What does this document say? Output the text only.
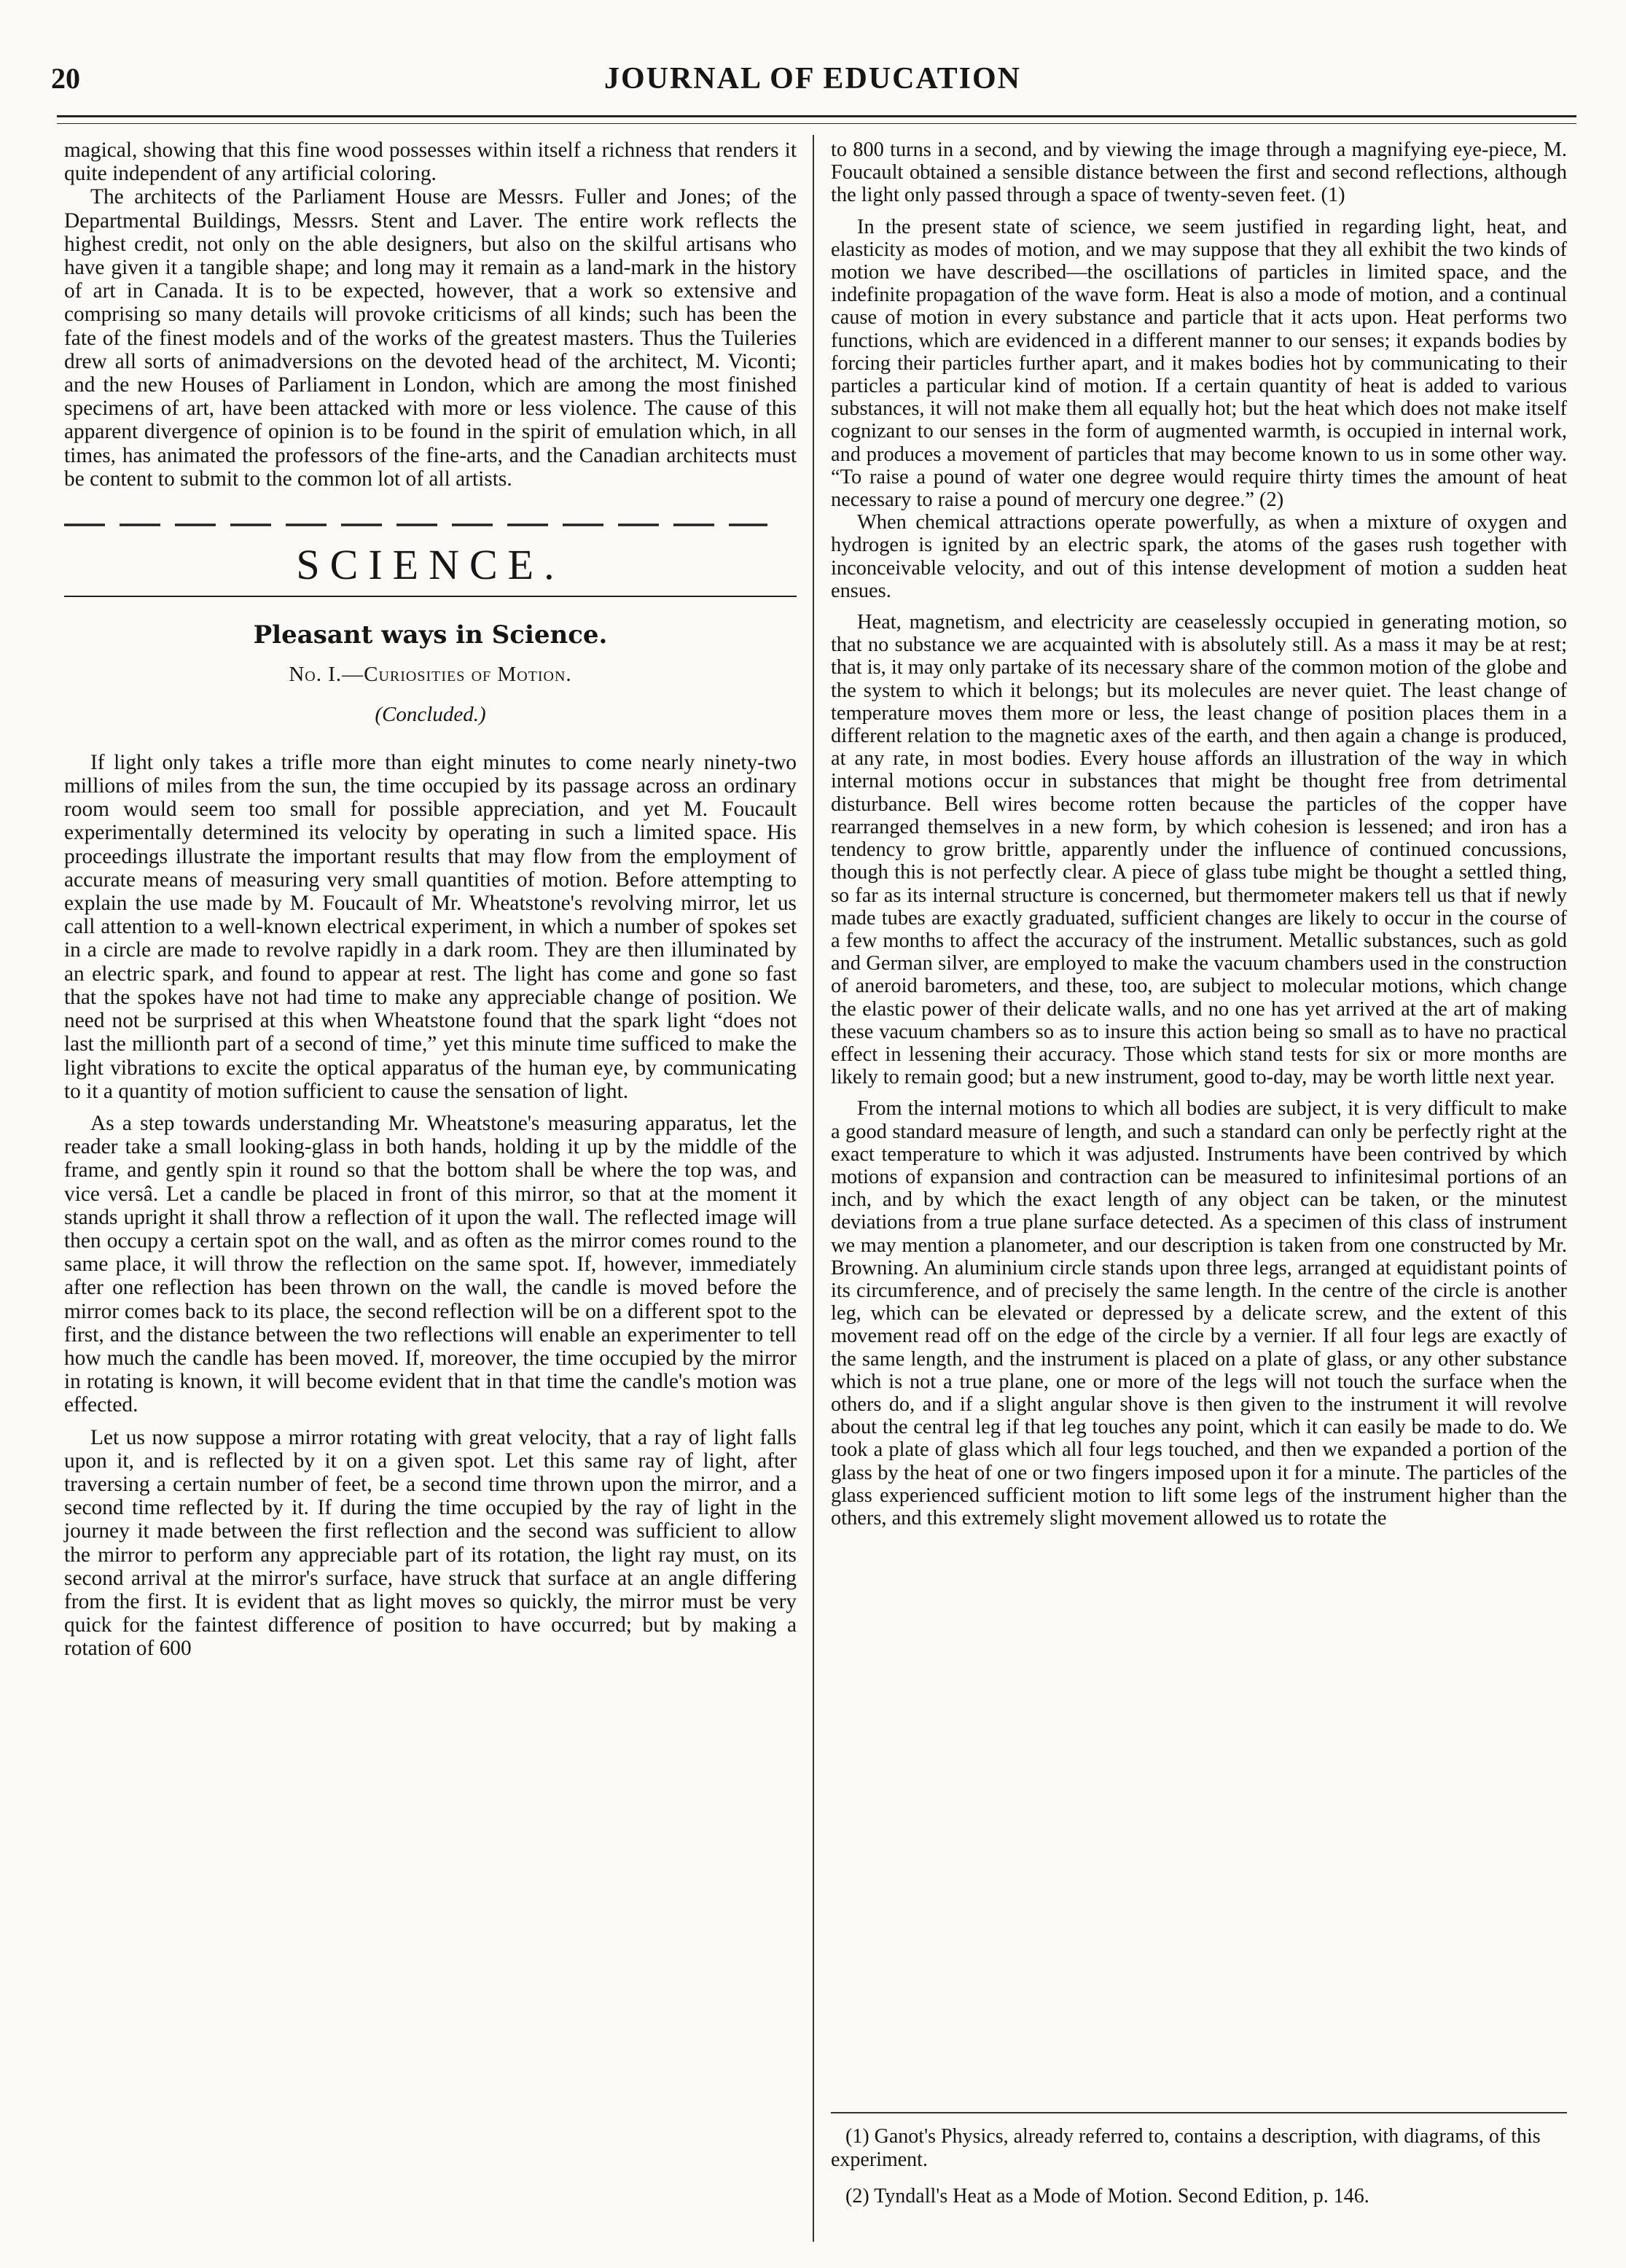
20	JOURNAL OF EDUCATION

magical, showing that this fine wood possesses within itself a richness that renders it quite independent of any artificial coloring.

The architects of the Parliament House are Messrs. Fuller and Jones; of the Departmental Buildings, Messrs. Stent and Laver. The entire work reflects the highest credit, not only on the able designers, but also on the skilful artisans who have given it a tangible shape; and long may it remain as a land-mark in the history of art in Canada. It is to be expected, however, that a work so extensive and comprising so many details will provoke criticisms of all kinds; such has been the fate of the finest models and of the works of the greatest masters. Thus the Tuileries drew all sorts of animadversions on the devoted head of the architect, M. Viconti; and the new Houses of Parliament in London, which are among the most finished specimens of art, have been attacked with more or less violence. The cause of this apparent divergence of opinion is to be found in the spirit of emulation which, in all times, has animated the professors of the fine-arts, and the Canadian architects must be content to submit to the common lot of all artists.

SCIENCE.
Pleasant ways in Science.
No. I.—Curiosities of Motion.
(Concluded.)

If light only takes a trifle more than eight minutes to come nearly ninety-two millions of miles from the sun, the time occupied by its passage across an ordinary room would seem too small for possible appreciation, and yet M. Foucault experimentally determined its velocity by operating in such a limited space. His proceedings illustrate the important results that may flow from the employment of accurate means of measuring very small quantities of motion. Before attempting to explain the use made by M. Foucault of Mr. Wheatstone's revolving mirror, let us call attention to a well-known electrical experiment, in which a number of spokes set in a circle are made to revolve rapidly in a dark room. They are then illuminated by an electric spark, and found to appear at rest. The light has come and gone so fast that the spokes have not had time to make any appreciable change of position. We need not be surprised at this when Wheatstone found that the spark light “does not last the millionth part of a second of time,” yet this minute time sufficed to make the light vibrations to excite the optical apparatus of the human eye, by communicating to it a quantity of motion sufficient to cause the sensation of light.

As a step towards understanding Mr. Wheatstone's measuring apparatus, let the reader take a small looking-glass in both hands, holding it up by the middle of the frame, and gently spin it round so that the bottom shall be where the top was, and vice versâ. Let a candle be placed in front of this mirror, so that at the moment it stands upright it shall throw a reflection of it upon the wall. The reflected image will then occupy a certain spot on the wall, and as often as the mirror comes round to the same place, it will throw the reflection on the same spot. If, however, immediately after one reflection has been thrown on the wall, the candle is moved before the mirror comes back to its place, the second reflection will be on a different spot to the first, and the distance between the two reflections will enable an experimenter to tell how much the candle has been moved. If, moreover, the time occupied by the mirror in rotating is known, it will become evident that in that time the candle's motion was effected.

Let us now suppose a mirror rotating with great velocity, that a ray of light falls upon it, and is reflected by it on a given spot. Let this same ray of light, after traversing a certain number of feet, be a second time thrown upon the mirror, and a second time reflected by it. If during the time occupied by the ray of light in the journey it made between the first reflection and the second was sufficient to allow the mirror to perform any appreciable part of its rotation, the light ray must, on its second arrival at the mirror's surface, have struck that surface at an angle differing from the first. It is evident that as light moves so quickly, the mirror must be very quick for the faintest difference of position to have occurred; but by making a rotation of 600

to 800 turns in a second, and by viewing the image through a magnifying eye-piece, M. Foucault obtained a sensible distance between the first and second reflections, although the light only passed through a space of twenty-seven feet. (1)

In the present state of science, we seem justified in regarding light, heat, and elasticity as modes of motion, and we may suppose that they all exhibit the two kinds of motion we have described—the oscillations of particles in limited space, and the indefinite propagation of the wave form. Heat is also a mode of motion, and a continual cause of motion in every substance and particle that it acts upon. Heat performs two functions, which are evidenced in a different manner to our senses; it expands bodies by forcing their particles further apart, and it makes bodies hot by communicating to their particles a particular kind of motion. If a certain quantity of heat is added to various substances, it will not make them all equally hot; but the heat which does not make itself cognizant to our senses in the form of augmented warmth, is occupied in internal work, and produces a movement of particles that may become known to us in some other way. “To raise a pound of water one degree would require thirty times the amount of heat necessary to raise a pound of mercury one degree.” (2)

When chemical attractions operate powerfully, as when a mixture of oxygen and hydrogen is ignited by an electric spark, the atoms of the gases rush together with inconceivable velocity, and out of this intense development of motion a sudden heat ensues.

Heat, magnetism, and electricity are ceaselessly occupied in generating motion, so that no substance we are acquainted with is absolutely still. As a mass it may be at rest; that is, it may only partake of its necessary share of the common motion of the globe and the system to which it belongs; but its molecules are never quiet. The least change of temperature moves them more or less, the least change of position places them in a different relation to the magnetic axes of the earth, and then again a change is produced, at any rate, in most bodies. Every house affords an illustration of the way in which internal motions occur in substances that might be thought free from detrimental disturbance. Bell wires become rotten because the particles of the copper have rearranged themselves in a new form, by which cohesion is lessened; and iron has a tendency to grow brittle, apparently under the influence of continued concussions, though this is not perfectly clear. A piece of glass tube might be thought a settled thing, so far as its internal structure is concerned, but thermometer makers tell us that if newly made tubes are exactly graduated, sufficient changes are likely to occur in the course of a few months to affect the accuracy of the instrument. Metallic substances, such as gold and German silver, are employed to make the vacuum chambers used in the construction of aneroid barometers, and these, too, are subject to molecular motions, which change the elastic power of their delicate walls, and no one has yet arrived at the art of making these vacuum chambers so as to insure this action being so small as to have no practical effect in lessening their accuracy. Those which stand tests for six or more months are likely to remain good; but a new instrument, good to-day, may be worth little next year.

From the internal motions to which all bodies are subject, it is very difficult to make a good standard measure of length, and such a standard can only be perfectly right at the exact temperature to which it was adjusted. Instruments have been contrived by which motions of expansion and contraction can be measured to infinitesimal portions of an inch, and by which the exact length of any object can be taken, or the minutest deviations from a true plane surface detected. As a specimen of this class of instrument we may mention a planometer, and our description is taken from one constructed by Mr. Browning. An aluminium circle stands upon three legs, arranged at equidistant points of its circumference, and of precisely the same length. In the centre of the circle is another leg, which can be elevated or depressed by a delicate screw, and the extent of this movement read off on the edge of the circle by a vernier. If all four legs are exactly of the same length, and the instrument is placed on a plate of glass, or any other substance which is not a true plane, one or more of the legs will not touch the surface when the others do, and if a slight angular shove is then given to the instrument it will revolve about the central leg if that leg touches any point, which it can easily be made to do. We took a plate of glass which all four legs touched, and then we expanded a portion of the glass by the heat of one or two fingers imposed upon it for a minute. The particles of the glass experienced sufficient motion to lift some legs of the instrument higher than the others, and this extremely slight movement allowed us to rotate the

(1) Ganot's Physics, already referred to, contains a description, with diagrams, of this experiment.

(2) Tyndall's Heat as a Mode of Motion. Second Edition, p. 146.
